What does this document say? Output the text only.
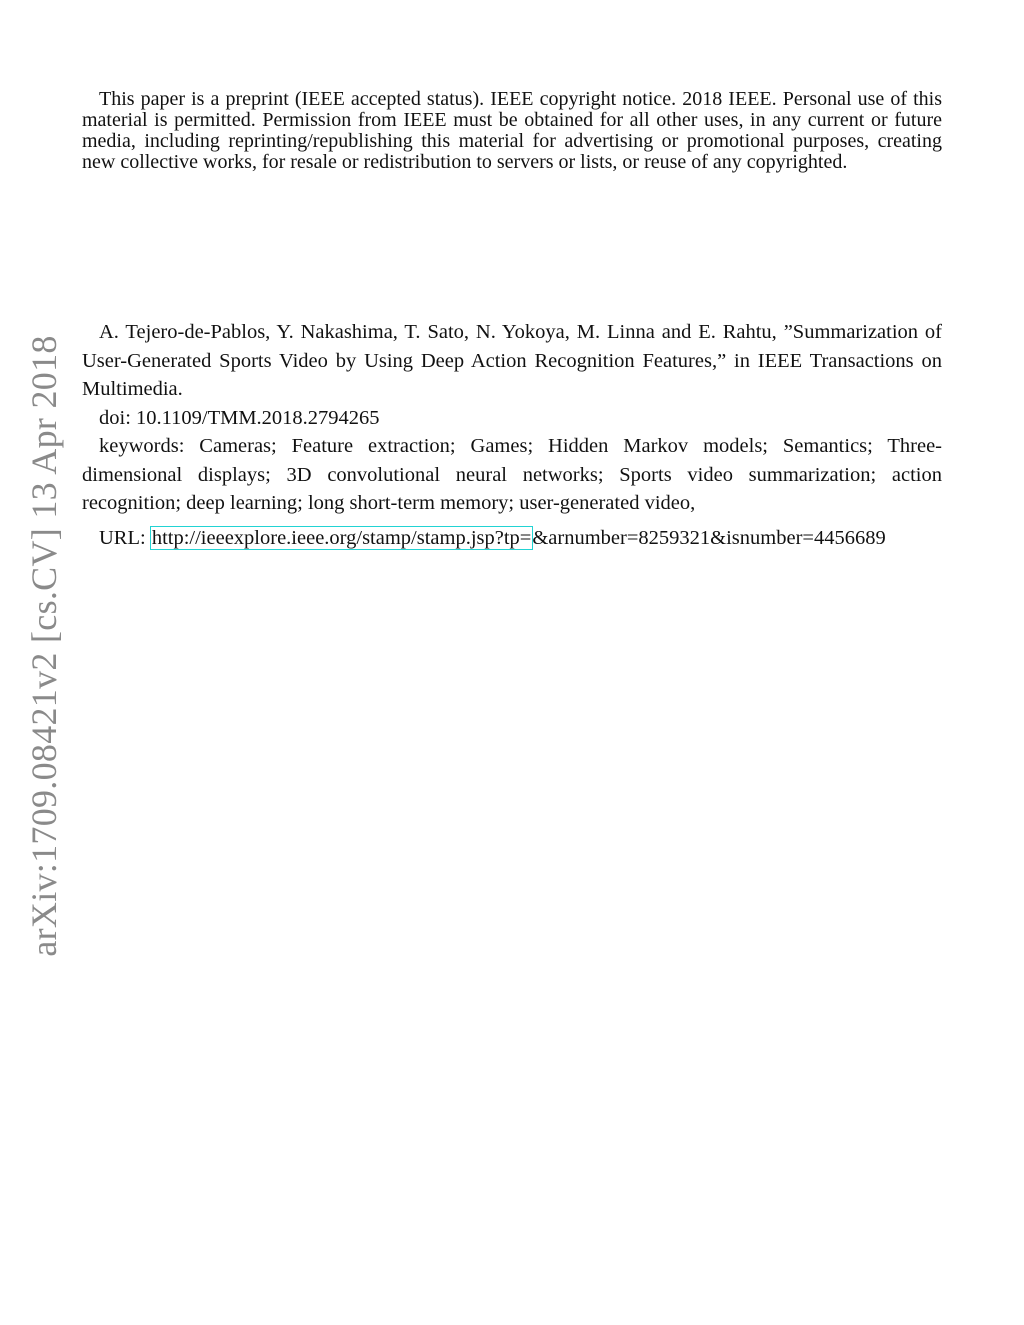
This paper is a preprint (IEEE accepted status). IEEE copyright notice. 2018 IEEE. Personal use of this material is permitted. Permission from IEEE must be obtained for all other uses, in any current or future media, including reprinting/republishing this material for advertising or promotional purposes, creating new collective works, for resale or redistribution to servers or lists, or reuse of any copyrighted.

A. Tejero-de-Pablos, Y. Nakashima, T. Sato, N. Yokoya, M. Linna and E. Rahtu, ”Summarization of User-Generated Sports Video by Using Deep Action Recognition Features,” in IEEE Transactions on Multimedia.

doi: 10.1109/TMM.2018.2794265

keywords: Cameras; Feature extraction; Games; Hidden Markov models; Semantics; Three-dimensional displays; 3D convolutional neural networks; Sports video summarization; action recognition; deep learning; long short-term memory; user-generated video,

URL: http://ieeexplore.ieee.org/stamp/stamp.jsp?tp=&arnumber=8259321&isnumber=4456689

arXiv:1709.08421v2 [cs.CV] 13 Apr 2018
